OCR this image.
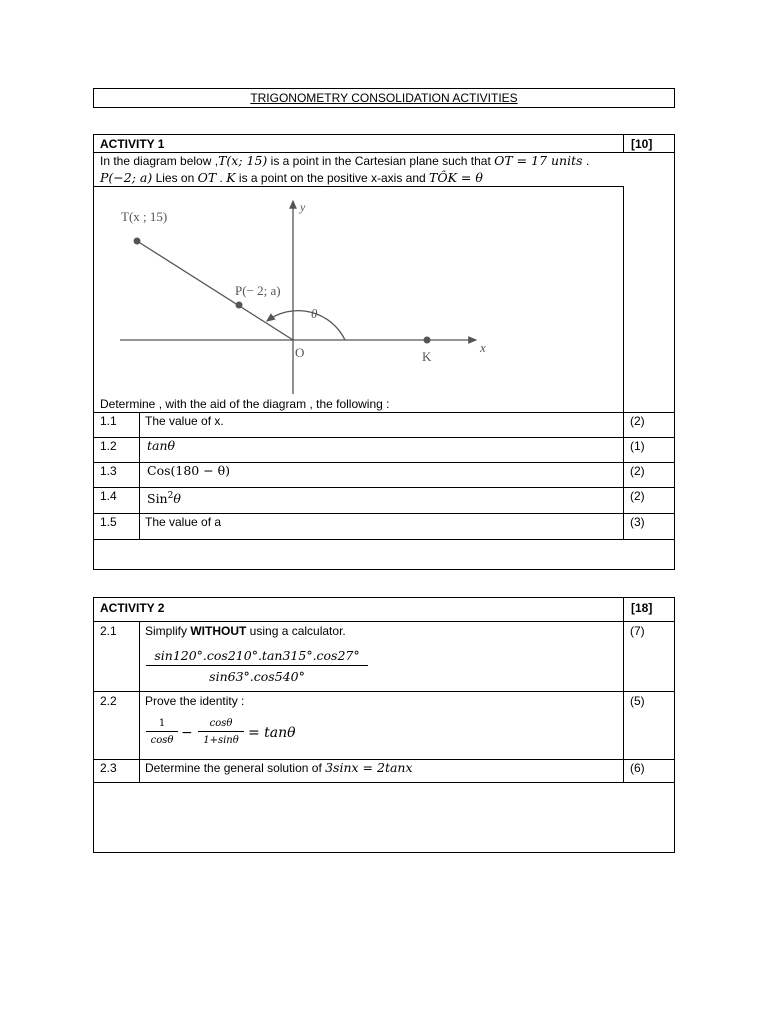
TRIGONOMETRY CONSOLIDATION ACTIVITIES
ACTIVITY 1	[10]
In the diagram below ,T(x; 15) is a point in the Cartesian plane such that OT = 17 units .
P(−2; a) Lies on OT . K is a point on the positive x-axis and TÔK = θ
y
x
T(x ; 15)
P(− 2; a)
θ
O	K
Determine , with the aid of the diagram , the following :
1.1 The value of x.	(2)
1.2 tanθ	(1)
1.3 Cos(180 − θ)	(2)
1.4 Sin$^2$θ	(2)
1.5 The value of a	(3)
ACTIVITY 2	[18]
2.1 Simplify WITHOUT using a calculator.	(7)
$\frac{\sin 120^\circ.\cos 210^\circ.\tan 315^\circ.\cos 27^\circ}{\sin 63^\circ.\cos 540^\circ}$
2.2 Prove the identity :	(5)
$\frac{1}{\cos\theta} - \frac{\cos\theta}{1+\sin\theta} = \tan\theta$
2.3 Determine the general solution of 3sinx = 2tanx	(6)
